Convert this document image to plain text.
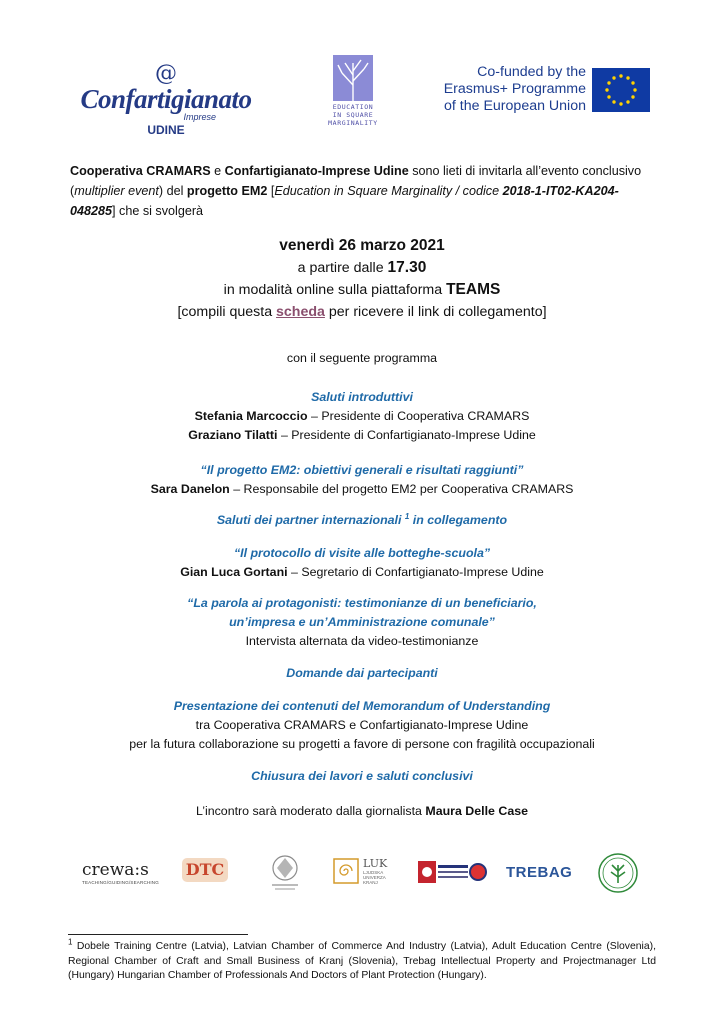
@
Confartigianato
Imprese
UDINE
EDUCATION
IN SQUARE
MARGINALITY
Co-funded by the
Erasmus+ Programme
of the European Union
Cooperativa CRAMARS e Confartigianato-Imprese Udine sono lieti di invitarla all’evento conclusivo (multiplier event) del progetto EM2 [Education in Square Marginality / codice 2018-1-IT02-KA204-048285] che si svolgerà
venerdì 26 marzo 2021
a partire dalle 17.30
in modalità online sulla piattaforma TEAMS
[compili questa scheda per ricevere il link di collegamento]
con il seguente programma
Saluti introduttivi
Stefania Marcoccio – Presidente di Cooperativa CRAMARS
Graziano Tilatti – Presidente di Confartigianato-Imprese Udine
“Il progetto EM2: obiettivi generali e risultati raggiunti”
Sara Danelon – Responsabile del progetto EM2 per Cooperativa CRAMARS
Saluti dei partner internazionali $^1$ in collegamento
“Il protocollo di visite alle botteghe-scuola”
Gian Luca Gortani – Segretario di Confartigianato-Imprese Udine
“La parola ai protagonisti: testimonianze di un beneficiario,
un’impresa e un’Amministrazione comunale”
Intervista alternata da video-testimonianze
Domande dai partecipanti
Presentazione dei contenuti del Memorandum of Understanding
tra Cooperativa CRAMARS e Confartigianato-Imprese Udine
per la futura collaborazione su progetti a favore di persone con fragilità occupazionali
Chiusura dei lavori e saluti conclusivi
L’incontro sarà moderato dalla giornalista Maura Delle Case
crewa:s
TEACHING/GUIDING/SEARCHING
DTC	LUK
LJUDSKA UNIVERZA KRANJ
TREBAG
$^1$ Dobele Training Centre (Latvia), Latvian Chamber of Commerce And Industry (Latvia), Adult Education Centre (Slovenia), Regional Chamber of Craft and Small Business of Kranj (Slovenia), Trebag Intellectual Property and Projectmanager Ltd (Hungary) Hungarian Chamber of Professionals And Doctors of Plant Protection (Hungary).
